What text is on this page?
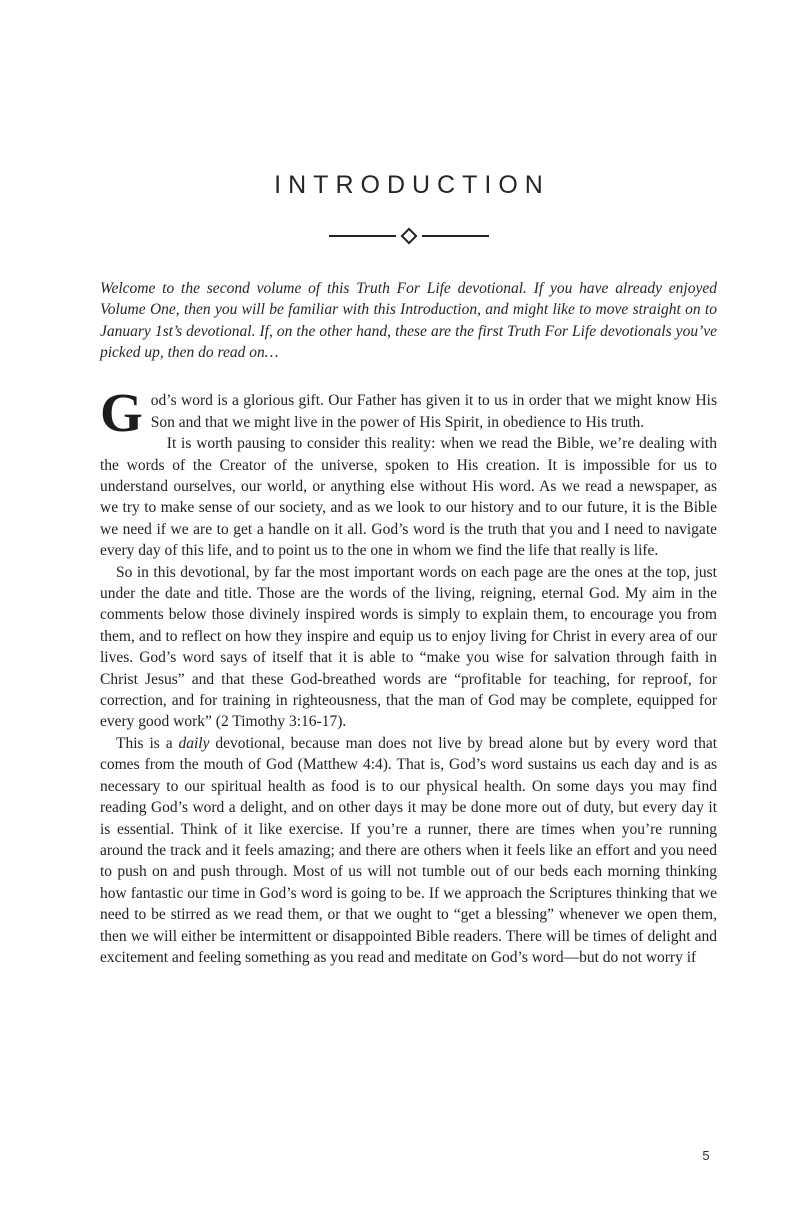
INTRODUCTION

Welcome to the second volume of this Truth For Life devotional. If you have already enjoyed Volume One, then you will be familiar with this Introduction, and might like to move straight on to January 1st’s devotional. If, on the other hand, these are the first Truth For Life devotionals you’ve picked up, then do read on…

God’s word is a glorious gift. Our Father has given it to us in order that we might know His Son and that we might live in the power of His Spirit, in obedience to His truth.

It is worth pausing to consider this reality: when we read the Bible, we’re dealing with the words of the Creator of the universe, spoken to His creation. It is impossible for us to understand ourselves, our world, or anything else without His word. As we read a newspaper, as we try to make sense of our society, and as we look to our history and to our future, it is the Bible we need if we are to get a handle on it all. God’s word is the truth that you and I need to navigate every day of this life, and to point us to the one in whom we find the life that really is life.

So in this devotional, by far the most important words on each page are the ones at the top, just under the date and title. Those are the words of the living, reigning, eternal God. My aim in the comments below those divinely inspired words is simply to explain them, to encourage you from them, and to reflect on how they inspire and equip us to enjoy living for Christ in every area of our lives. God’s word says of itself that it is able to “make you wise for salvation through faith in Christ Jesus” and that these God-breathed words are “profitable for teaching, for reproof, for correction, and for training in righteousness, that the man of God may be complete, equipped for every good work” (2 Timothy 3:16-17).

This is a daily devotional, because man does not live by bread alone but by every word that comes from the mouth of God (Matthew 4:4). That is, God’s word sustains us each day and is as necessary to our spiritual health as food is to our physical health. On some days you may find reading God’s word a delight, and on other days it may be done more out of duty, but every day it is essential. Think of it like exercise. If you’re a runner, there are times when you’re running around the track and it feels amazing; and there are others when it feels like an effort and you need to push on and push through. Most of us will not tumble out of our beds each morning thinking how fantastic our time in God’s word is going to be. If we approach the Scriptures thinking that we need to be stirred as we read them, or that we ought to “get a blessing” whenever we open them, then we will either be intermittent or disappointed Bible readers. There will be times of delight and excitement and feeling something as you read and meditate on God’s word—but do not worry if

5
